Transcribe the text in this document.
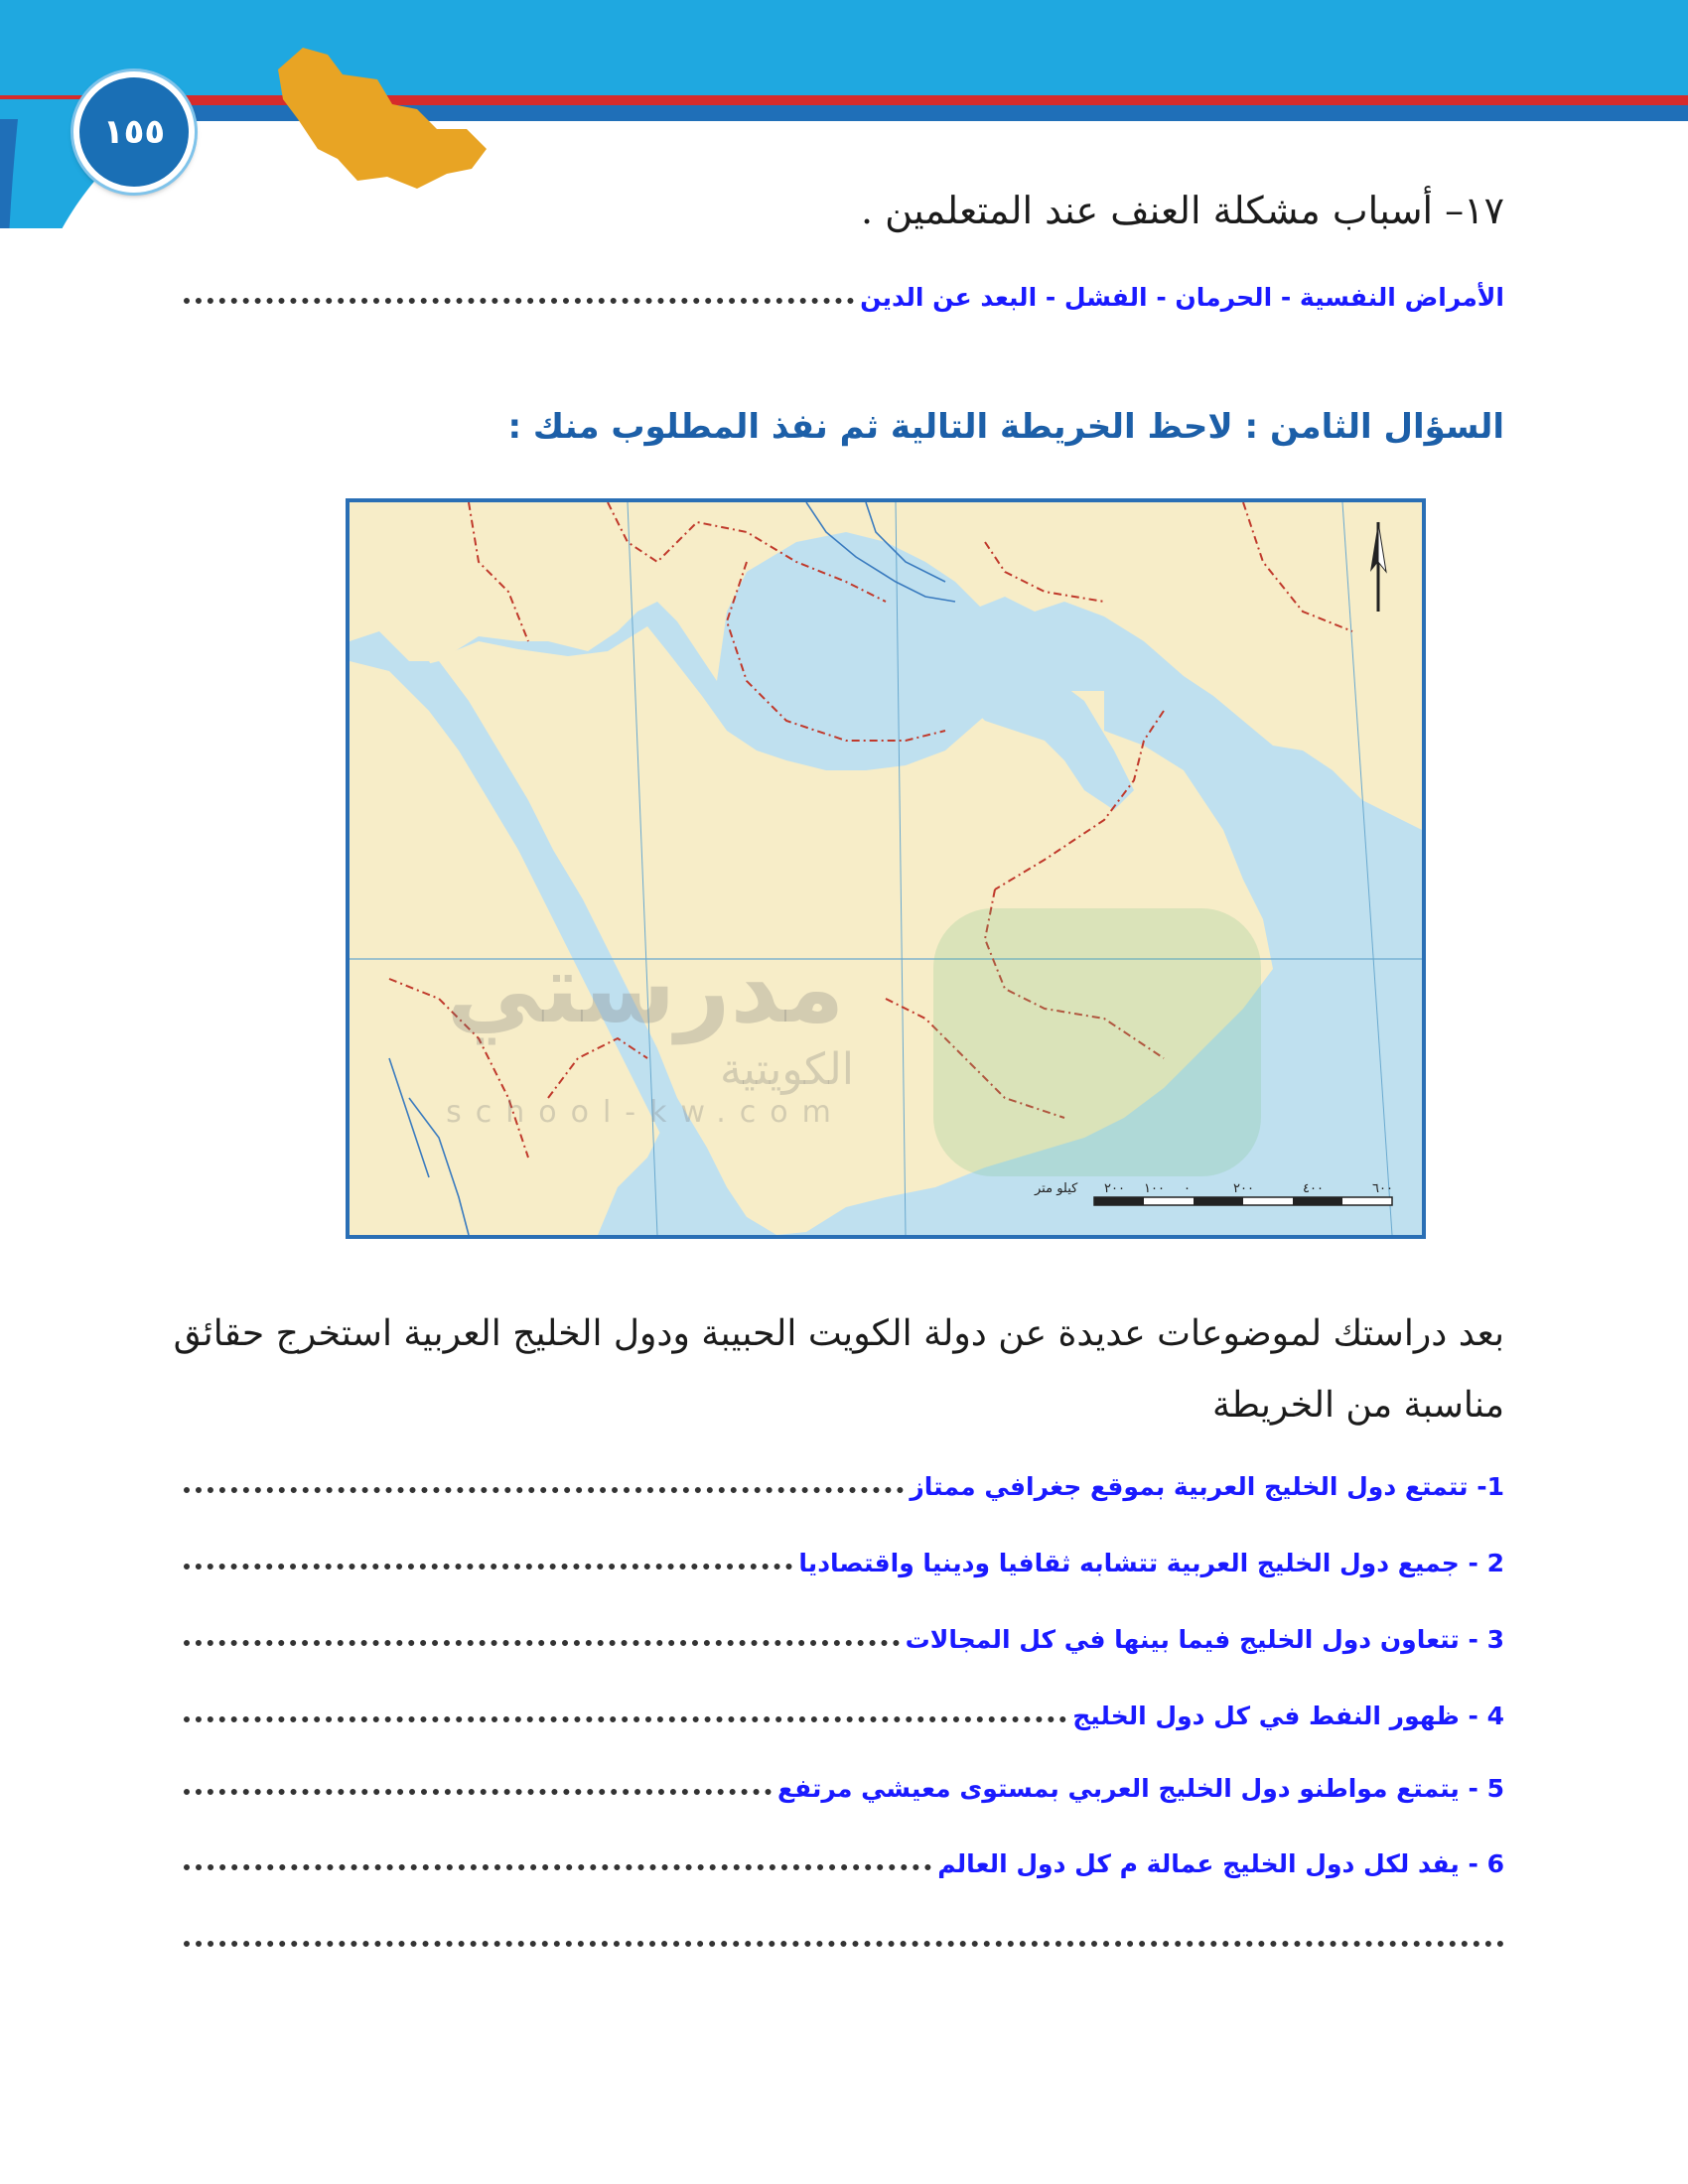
١٥٥
١٧– أسباب مشكلة العنف عند المتعلمين .
الأمراض النفسية - الحرمان - الفشل - البعد عن الدين
السؤال الثامن : لاحظ الخريطة التالية ثم نفذ المطلوب منك :
٢٠٠ ١٠٠ ٠	٢٠٠	٤٠٠	٦٠٠
كيلو متر
مدرستي
الكويتية
school-kw.com
بعد دراستك لموضوعات عديدة عن دولة الكويت الحبيبة ودول الخليج العربية استخرج حقائق
مناسبة من الخريطة
1- تتمتع دول الخليج العربية بموقع جغرافي ممتاز
2 - جميع دول الخليج العربية تتشابه ثقافيا ودينيا واقتصاديا
3 - تتعاون دول الخليج فيما بينها في كل المجالات
4 - ظهور النفط في كل دول الخليج
5 - يتمتع مواطنو دول الخليج العربي بمستوى معيشي مرتفع
6 - يفد لكل دول الخليج عمالة م كل دول العالم
